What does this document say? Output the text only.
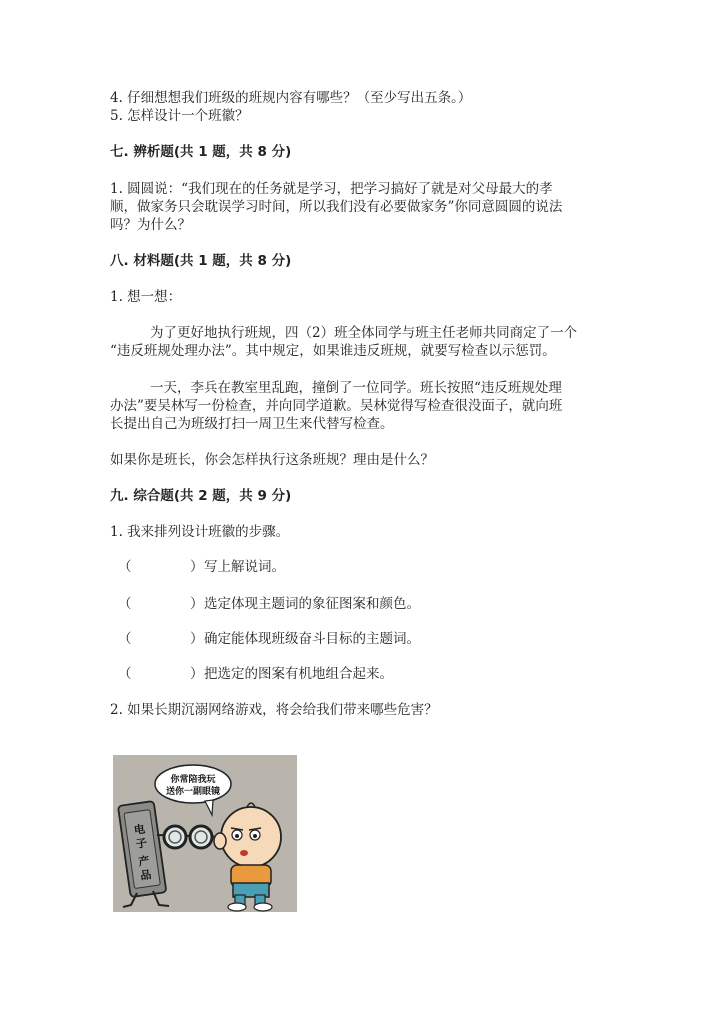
4. 仔细想想我们班级的班规内容有哪些？（至少写出五条。）
5. 怎样设计一个班徽？
七. 辨析题(共 1 题，共 8 分)
1. 圆圆说：“我们现在的任务就是学习，把学习搞好了就是对父母最大的孝
顺，做家务只会耽误学习时间，所以我们没有必要做家务”你同意圆圆的说法
吗？为什么？
八. 材料题(共 1 题，共 8 分)
1. 想一想：
为了更好地执行班规，四（2）班全体同学与班主任老师共同商定了一个
“违反班规处理办法”。其中规定，如果谁违反班规，就要写检查以示惩罚。
一天，李兵在教室里乱跑，撞倒了一位同学。班长按照“违反班规处理
办法”要吴林写一份检查，并向同学道歉。吴林觉得写检查很没面子，就向班
长提出自己为班级打扫一周卫生来代替写检查。
如果你是班长，你会怎样执行这条班规？理由是什么？
九. 综合题(共 2 题，共 9 分)
1. 我来排列设计班徽的步骤。
（	） 写上解说词。
（	） 选定体现主题词的象征图案和颜色。
（	） 确定能体现班级奋斗目标的主题词。
（	） 把选定的图案有机地组合起来。
2. 如果长期沉溺网络游戏，将会给我们带来哪些危害？
你常陪我玩
送你一副眼镜
电
子
产
品
